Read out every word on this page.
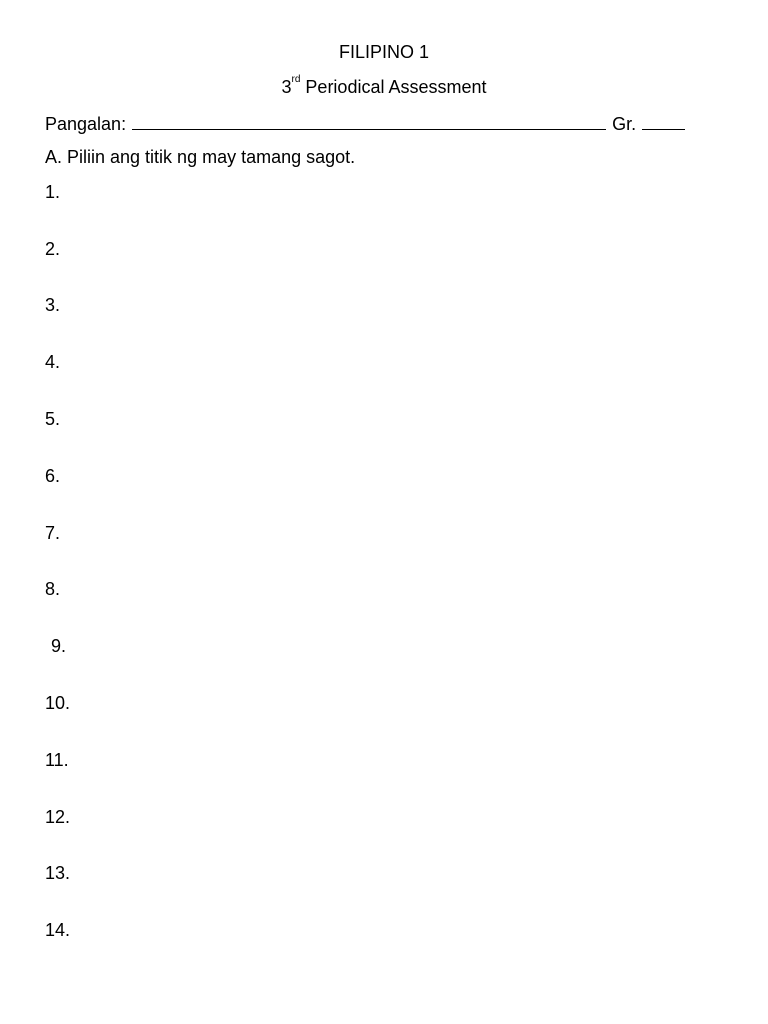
FILIPINO 1
3rd Periodical Assessment
Pangalan:	Gr.
A. Piliin ang titik ng may tamang sagot.
1.
2.
3.
4.
5.
6.
7.
8.
9.
10.
11.
12.
13.
14.
